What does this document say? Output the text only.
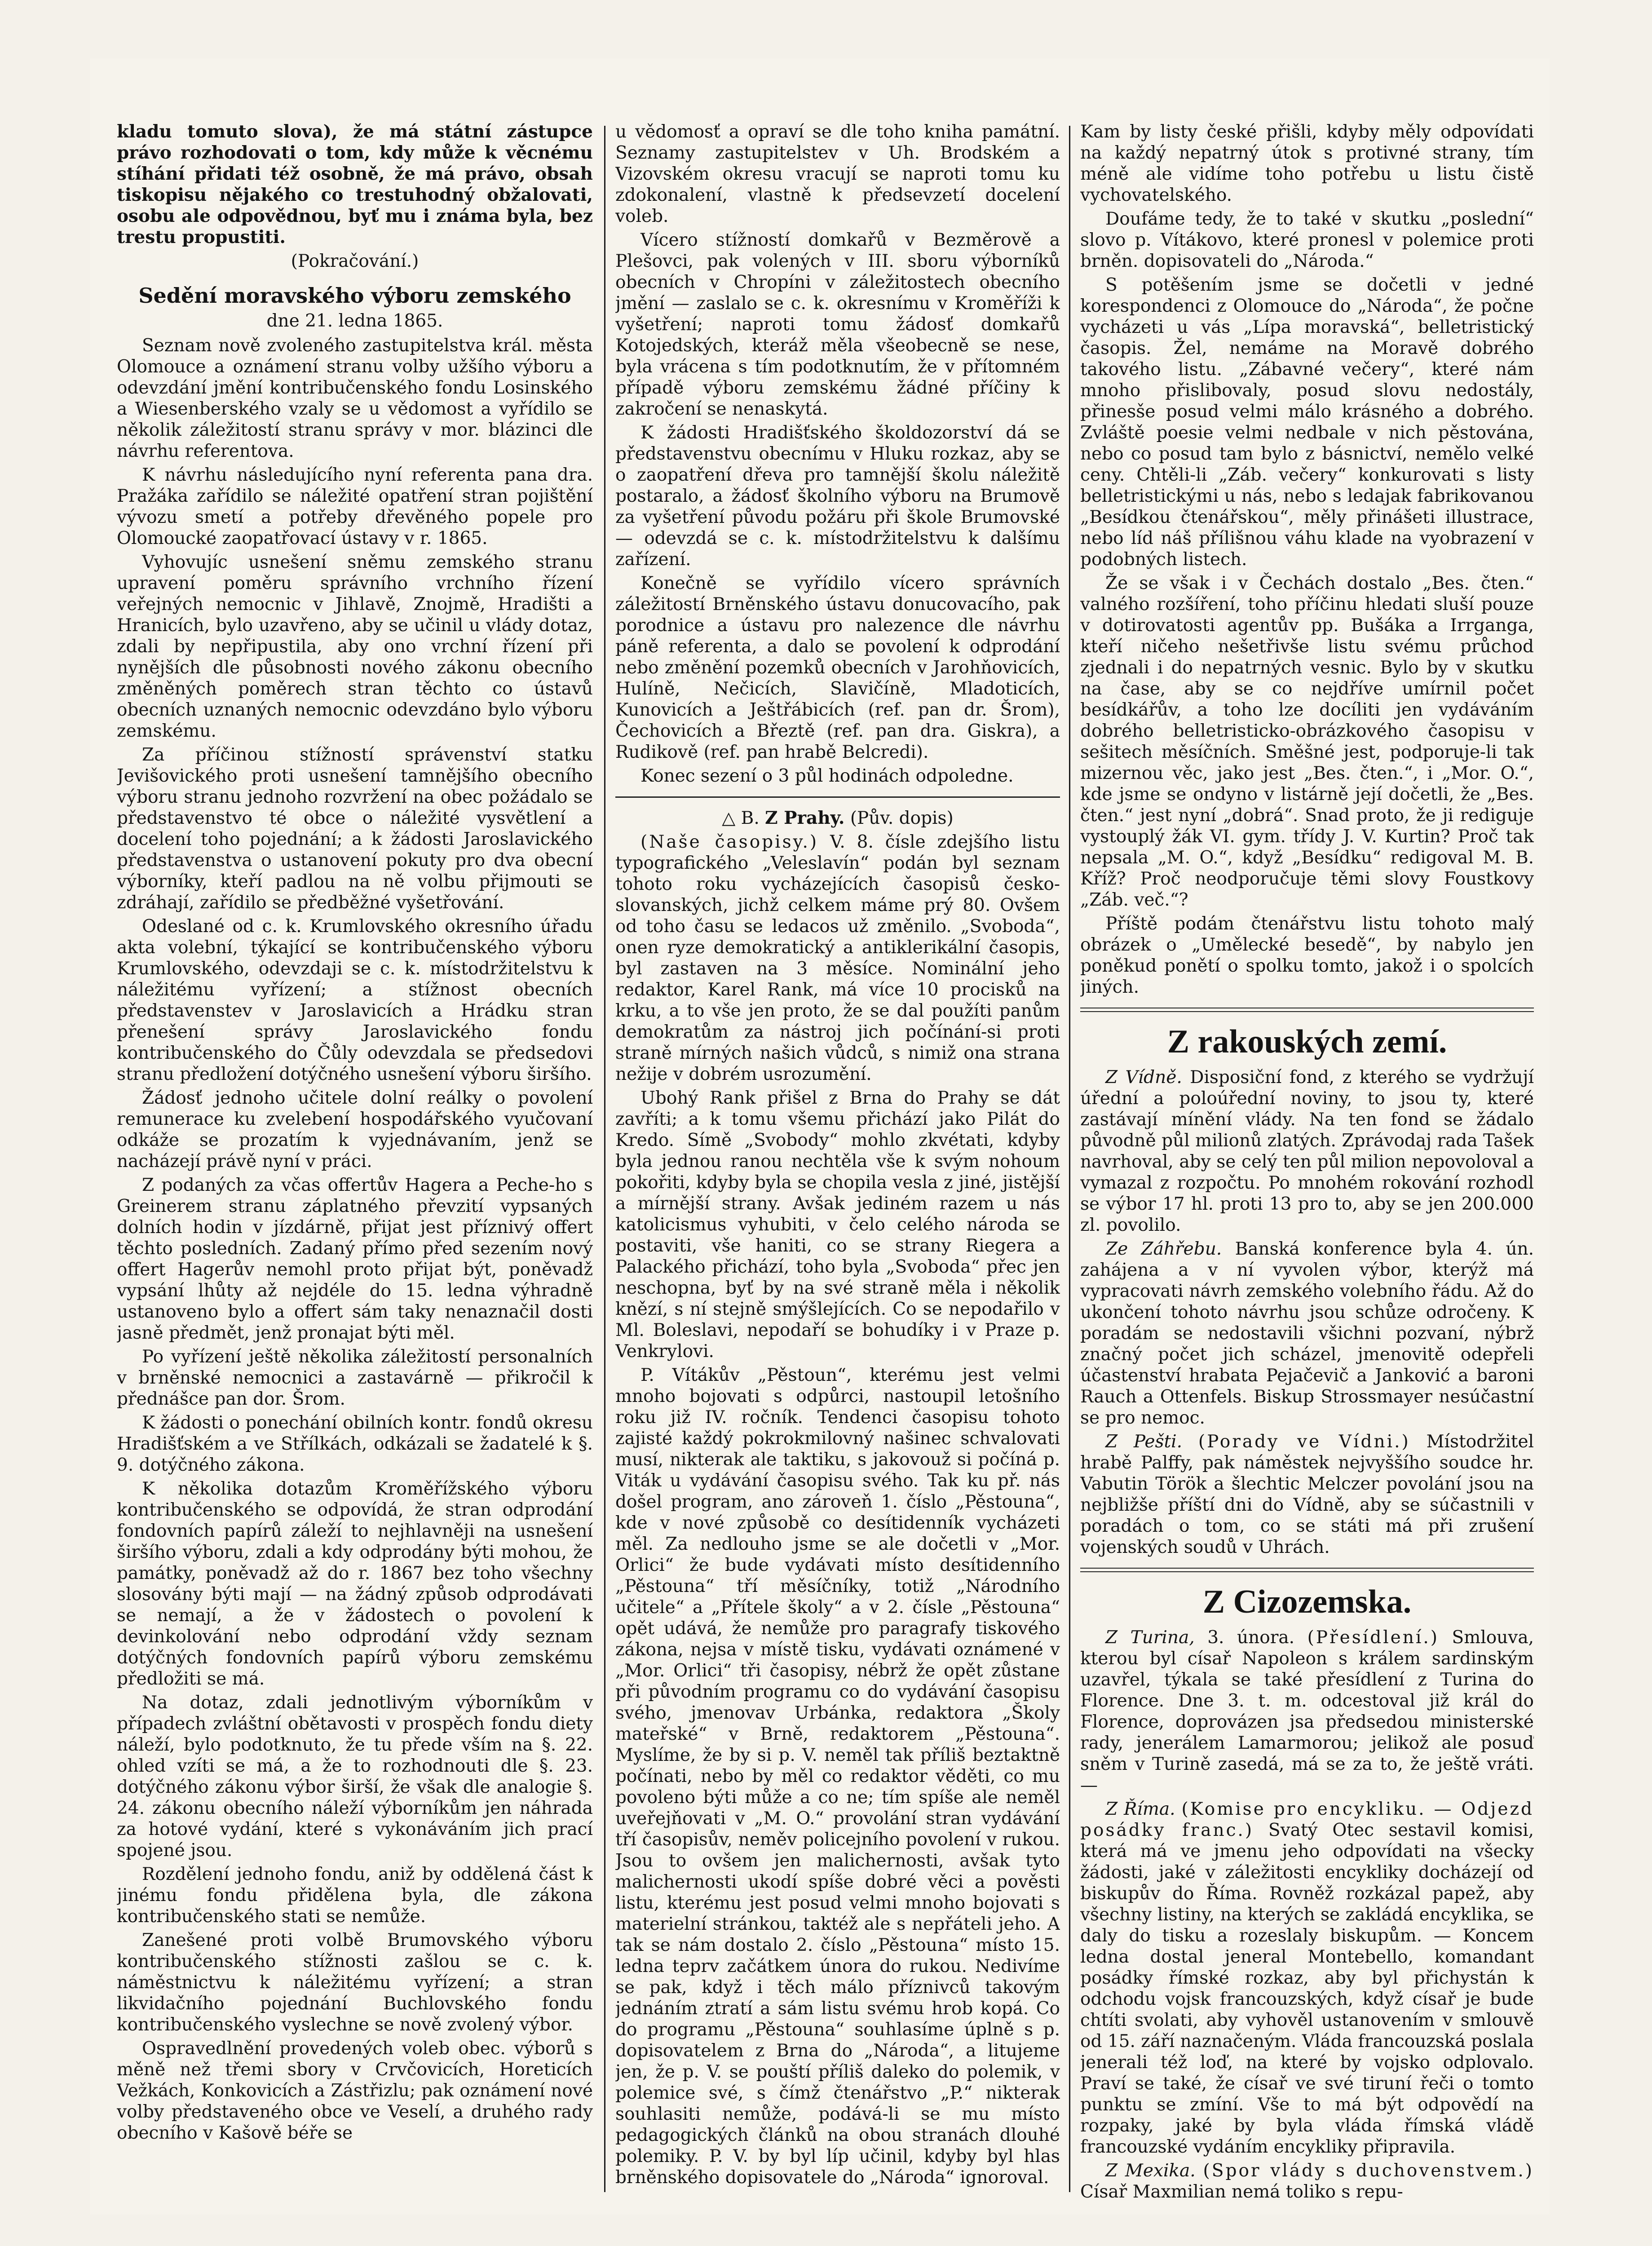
kladu tomuto slova), že má státní zástupce právo rozhodovati o tom, kdy může k věcnému stíhání přidati též osobně, že má právo, obsah tiskopisu nějakého co trestuhodný obžalovati, osobu ale odpovědnou, byť mu i známa byla, bez trestu propustiti.

(Pokračování.)

Sedění moravského výboru zemského

dne 21. ledna 1865.

Seznam nově zvoleného zastupitelstva král. města Olomouce a oznámení stranu volby užšího výboru a odevzdání jmění kontribučenského fondu Losinského a Wiesenberského vzaly se u vědomost a vyřídilo se několik záležitostí stranu správy v mor. blázinci dle návrhu referentova.

K návrhu následujícího nyní referenta pana dra. Pražáka zařídilo se náležité opatření stran pojištění vývozu smetí a potřeby dřevěného popele pro Olomoucké zaopatřovací ústavy v r. 1865.

Vyhovujíc usnešení sněmu zemského stranu upravení poměru správního vrchního řízení veřejných nemocnic v Jihlavě, Znojmě, Hradišti a Hranicích, bylo uzavřeno, aby se učinil u vlády dotaz, zdali by nepřipustila, aby ono vrchní řízení při nynějších dle působnosti nového zákonu obecního změněných poměrech stran těchto co ústavů obecních uznaných nemocnic odevzdáno bylo výboru zemskému.

Za příčinou stížností správenství statku Jevišovického proti usnešení tamnějšího obecního výboru stranu jednoho rozvržení na obec požádalo se představenstvo té obce o náležité vysvětlení a docelení toho pojednání; a k žádosti Jaroslavického představenstva o ustanovení pokuty pro dva obecní výborníky, kteří padlou na ně volbu přijmouti se zdráhají, zařídilo se předběžné vyšetřování.

Odeslané od c. k. Krumlovského okresního úřadu akta volební, týkající se kontribučenského výboru Krumlovského, odevzdaji se c. k. místodržitelstvu k náležitému vyřízení; a stížnost obecních představenstev v Jaroslavicích a Hrádku stran přenešení správy Jaroslavického fondu kontribučenského do Čůly odevzdala se předsedovi stranu předložení dotýčného usnešení výboru širšího.

Žádosť jednoho učitele dolní reálky o povolení remunerace ku zvelebení hospodářského vyučovaní odkáže se prozatím k vyjednávaním, jenž se nacházejí právě nyní v práci.

Z podaných za včas offertův Hagera a Peche-ho s Greinerem stranu záplatného převzití vypsaných dolních hodin v jízdárně, přijat jest příznivý offert těchto posledních. Zadaný přímo před sezením nový offert Hagerův nemohl proto přijat být, poněvadž vypsání lhůty až nejdéle do 15. ledna výhradně ustanoveno bylo a offert sám taky nenaznačil dosti jasně předmět, jenž pronajat býti měl.

Po vyřízení ještě několika záležitostí personalních v brněnské nemocnici a zastavárně — přikročil k přednášce pan dor. Šrom.

K žádosti o ponechání obilních kontr. fondů okresu Hradišťském a ve Střílkách, odkázali se žadatelé k §. 9. dotýčného zákona.

K několika dotazům Kroměřížského výboru kontribučenského se odpovídá, že stran odprodání fondovních papírů záleží to nejhlavněji na usnešení širšího výboru, zdali a kdy odprodány býti mohou, že památky, poněvadž až do r. 1867 bez toho všechny slosovány býti mají — na žádný způsob odprodávati se nemají, a že v žádostech o povolení k devinkolování nebo odprodání vždy seznam dotýčných fondovních papírů výboru zemskému předložiti se má.

Na dotaz, zdali jednotlivým výborníkům v případech zvláštní obětavosti v prospěch fondu diety náleží, bylo podotknuto, že tu přede vším na §. 22. ohled vzíti se má, a že to rozhodnouti dle §. 23. dotýčného zákonu výbor širší, že však dle analogie §. 24. zákonu obecního náleží výborníkům jen náhrada za hotové vydání, které s vykonáváním jich prací spojené jsou.

Rozdělení jednoho fondu, aniž by oddělená část k jinému fondu přidělena byla, dle zákona kontribučenského stati se nemůže.

Zanešené proti volbě Brumovského výboru kontribučenského stížnosti zašlou se c. k. náměstnictvu k náležitému vyřízení; a stran likvidačního pojednání Buchlovského fondu kontribučenského vyslechne se nově zvolený výbor.

Ospravedlnění provedených voleb obec. výborů s měně než třemi sbory v Crvčovicích, Horeticích Vežkách, Konkovicích a Zástřizlu; pak oznámení nové volby představeného obce ve Veselí, a druhého rady obecního v Kašově béře se

u vědomosť a opraví se dle toho kniha památní. Seznamy zastupitelstev v Uh. Brodském a Vizovském okresu vracují se naproti tomu ku zdokonalení, vlastně k předsevzetí docelení voleb.

Vícero stížností domkařů v Bezměrově a Plešovci, pak volených v III. sboru výborníků obecních v Chropíni v záležitostech obecního jmění — zaslalo se c. k. okresnímu v Kroměříži k vyšetření; naproti tomu žádosť domkařů Kotojedských, kteráž měla všeobecně se nese, byla vrácena s tím podotknutím, že v přítomném případě výboru zemskému žádné příčiny k zakročení se nenaskytá.

K žádosti Hradišťského školdozorství dá se představenstvu obecnímu v Hluku rozkaz, aby se o zaopatření dřeva pro tamnější školu náležitě postaralo, a žádosť školního výboru na Brumově za vyšetření původu požáru při škole Brumovské — odevzdá se c. k. místodržitelstvu k dalšímu zařízení.

Konečně se vyřídilo vícero správních záležitostí Brněnského ústavu donucovacího, pak porodnice a ústavu pro nalezence dle návrhu páně referenta, a dalo se povolení k odprodání nebo změnění pozemků obecních v Jarohňovicích, Hulíně, Nečicích, Slavičíně, Mladoticích, Kunovicích a Ještřábicích (ref. pan dr. Šrom), Čechovicích a Březtě (ref. pan dra. Giskra), a Rudikově (ref. pan hrabě Belcredi).

Konec sezení o 3 půl hodinách odpoledne.

△ B. Z Prahy. (Pův. dopis)

(Naše časopisy.) V. 8. čísle zdejšího listu typografického „Veleslavín“ podán byl seznam tohoto roku vycházejících časopisů česko-slovanských, jichž celkem máme prý 80. Ovšem od toho času se ledacos už změnilo. „Svoboda“, onen ryze demokratický a antiklerikální časopis, byl zastaven na 3 měsíce. Nominální jeho redaktor, Karel Rank, má více 10 procisků na krku, a to vše jen proto, že se dal použíti panům demokratům za nástroj jich počínání-si proti straně mírných našich vůdců, s nimiž ona strana nežije v dobrém usrozumění.

Ubohý Rank přišel z Brna do Prahy se dát zavříti; a k tomu všemu přichází jako Pilát do Kredo. Símě „Svobody“ mohlo zkvétati, kdyby byla jednou ranou nechtěla vše k svým nohoum pokořiti, kdyby byla se chopila vesla z jiné, jistější a mírnější strany. Avšak jediném razem u nás katolicismus vyhubiti, v čelo celého národa se postaviti, vše haniti, co se strany Riegera a Palackého přichází, toho byla „Svoboda“ přec jen neschopna, byť by na své straně měla i několik knězí, s ní stejně smýšlejících. Co se nepodařilo v Ml. Boleslavi, nepodaří se bohudíky i v Praze p. Venkrylovi.

P. Vítákův „Pěstoun“, kterému jest velmi mnoho bojovati s odpůrci, nastoupil letošního roku již IV. ročník. Tendenci časopisu tohoto zajisté každý pokrokmilovný našinec schvalovati musí, nikterak ale taktiku, s jakovouž si počíná p. Viták u vydávání časopisu svého. Tak ku př. nás došel program, ano zároveň 1. číslo „Pěstouna“, kde v nové způsobě co desítidenník vycházeti měl. Za nedlouho jsme se ale dočetli v „Mor. Orlici“ že bude vydávati místo desítidenního „Pěstouna“ tří měsíčníky, totiž „Národního učitele“ a „Přítele školy“ a v 2. čísle „Pěstouna“ opět udává, že nemůže pro paragrafy tiskového zákona, nejsa v místě tisku, vydávati oznámené v „Mor. Orlici“ tři časopisy, nébrž že opět zůstane při původním programu co do vydávání časopisu svého, jmenovav Urbánka, redaktora „Školy mateřské“ v Brně, redaktorem „Pěstouna“. Myslíme, že by si p. V. neměl tak příliš beztaktně počínati, nebo by měl co redaktor věděti, co mu povoleno býti může a co ne; tím spíše ale neměl uveřejňovati v „M. O.“ provolání stran vydávání tří časopisův, neměv policejního povolení v rukou. Jsou to ovšem jen malichernosti, avšak tyto malichernosti ukodí spíše dobré věci a pověsti listu, kterému jest posud velmi mnoho bojovati s materielní stránkou, taktéž ale s nepřáteli jeho. A tak se nám dostalo 2. číslo „Pěstouna“ místo 15. ledna teprv začátkem února do rukou. Nedivíme se pak, když i těch málo příznivců takovým jednáním ztratí a sám listu svému hrob kopá. Co do programu „Pěstouna“ souhlasíme úplně s p. dopisovatelem z Brna do „Národa“, a litujeme jen, že p. V. se pouští příliš daleko do polemik, v polemice své, s čímž čtenářstvo „P.“ nikterak souhlasiti nemůže, podává-li se mu místo pedagogických článků na obou stranách dlouhé polemiky. P. V. by byl líp učinil, kdyby byl hlas brněnského dopisovatele do „Národa“ ignoroval.

Kam by listy české přišli, kdyby měly odpovídati na každý nepatrný útok s protivné strany, tím méně ale vidíme toho potřebu u listu čistě vychovatelského.

Doufáme tedy, že to také v skutku „poslední“ slovo p. Vítákovo, které pronesl v polemice proti brněn. dopisovateli do „Národa.“

S potěšením jsme se dočetli v jedné korespondenci z Olomouce do „Národa“, že počne vycházeti u vás „Lípa moravská“, belletristický časopis. Žel, nemáme na Moravě dobrého takového listu. „Zábavné večery“, které nám mnoho přislibovaly, posud slovu nedostály, přinesše posud velmi málo krásného a dobrého. Zvláště poesie velmi nedbale v nich pěstována, nebo co posud tam bylo z básnictví, nemělo velké ceny. Chtěli-li „Záb. večery“ konkurovati s listy belletristickými u nás, nebo s ledajak fabrikovanou „Besídkou čtenářskou“, měly přinášeti illustrace, nebo líd náš přílišnou váhu klade na vyobrazení v podobných listech.

Že se však i v Čechách dostalo „Bes. čten.“ valného rozšíření, toho příčinu hledati sluší pouze v dotirovatosti agentův pp. Bušáka a Irrganga, kteří ničeho nešetřivše listu svému průchod zjednali i do nepatrných vesnic. Bylo by v skutku na čase, aby se co nejdříve umírnil počet besídkářův, a toho lze docíliti jen vydáváním dobrého belletristicko-obrázkového časopisu v sešitech měsíčních. Směšné jest, podporuje-li tak mizernou věc, jako jest „Bes. čten.“, i „Mor. O.“, kde jsme se ondyno v listárně její dočetli, že „Bes. čten.“ jest nyní „dobrá“. Snad proto, že ji rediguje vystouplý žák VI. gym. třídy J. V. Kurtin? Proč tak nepsala „M. O.“, když „Besídku“ redigoval M. B. Kříž? Proč neodporučuje těmi slovy Foustkovy „Záb. več.“?

Příště podám čtenářstvu listu tohoto malý obrázek o „Umělecké besedě“, by nabylo jen poněkud ponětí o spolku tomto, jakož i o spolcích jiných.

Z rakouských zemí.

Z Vídně. Disposiční fond, z kterého se vydržují úřední a poloúřední noviny, to jsou ty, které zastávají mínění vlády. Na ten fond se žádalo původně půl milionů zlatých. Zprávodaj rada Tašek navrhoval, aby se celý ten půl milion nepovoloval a vymazal z rozpočtu. Po mnohém rokování rozhodl se výbor 17 hl. proti 13 pro to, aby se jen 200.000 zl. povolilo.

Ze Záhřebu. Banská konference byla 4. ún. zahájena a v ní vyvolen výbor, kterýž má vypracovati návrh zemského volebního řádu. Až do ukončení tohoto návrhu jsou schůze odročeny. K poradám se nedostavili všichni pozvaní, nýbrž značný počet jich scházel, jmenovitě odepřeli účastenství hrabata Pejačevič a Janković a baroni Rauch a Ottenfels. Biskup Strossmayer nesúčastní se pro nemoc.

Z Pešti. (Porady ve Vídni.) Místodržitel hrabě Palffy, pak náměstek nejvyššího soudce hr. Vabutin Török a šlechtic Melczer povolání jsou na nejbližše příští dni do Vídně, aby se súčastnili v poradách o tom, co se státi má při zrušení vojenských soudů v Uhrách.

Z Cizozemska.

Z Turina, 3. února. (Přesídlení.) Smlouva, kterou byl císař Napoleon s králem sardinským uzavřel, týkala se také přesídlení z Turina do Florence. Dne 3. t. m. odcestoval již král do Florence, doprovázen jsa předsedou ministerské rady, jenerálem Lamarmorou; jelikož ale posuď sněm v Turině zasedá, má se za to, že ještě vráti. —

Z Říma. (Komise pro encykliku. — Odjezd posádky franc.) Svatý Otec sestavil komisi, která má ve jmenu jeho odpovídati na všecky žádosti, jaké v záležitosti encykliky docházejí od biskupův do Říma. Rovněž rozkázal papež, aby všechny listiny, na kterých se zakládá encyklika, se daly do tisku a rozeslaly biskupům. — Koncem ledna dostal jeneral Montebello, komandant posádky římské rozkaz, aby byl přichystán k odchodu vojsk francouzských, když císař je bude chtíti svolati, aby vyhověl ustanovením v smlouvě od 15. září naznačeným. Vláda francouzská poslala jenerali též loď, na které by vojsko odplovalo. Praví se také, že císař ve své tiruní řeči o tomto punktu se zmíní. Vše to má být odpovědí na rozpaky, jaké by byla vláda římská vládě francouzské vydáním encykliky připravila.

Z Mexika. (Spor vlády s duchovenstvem.) Císař Maxmilian nemá toliko s repu-
